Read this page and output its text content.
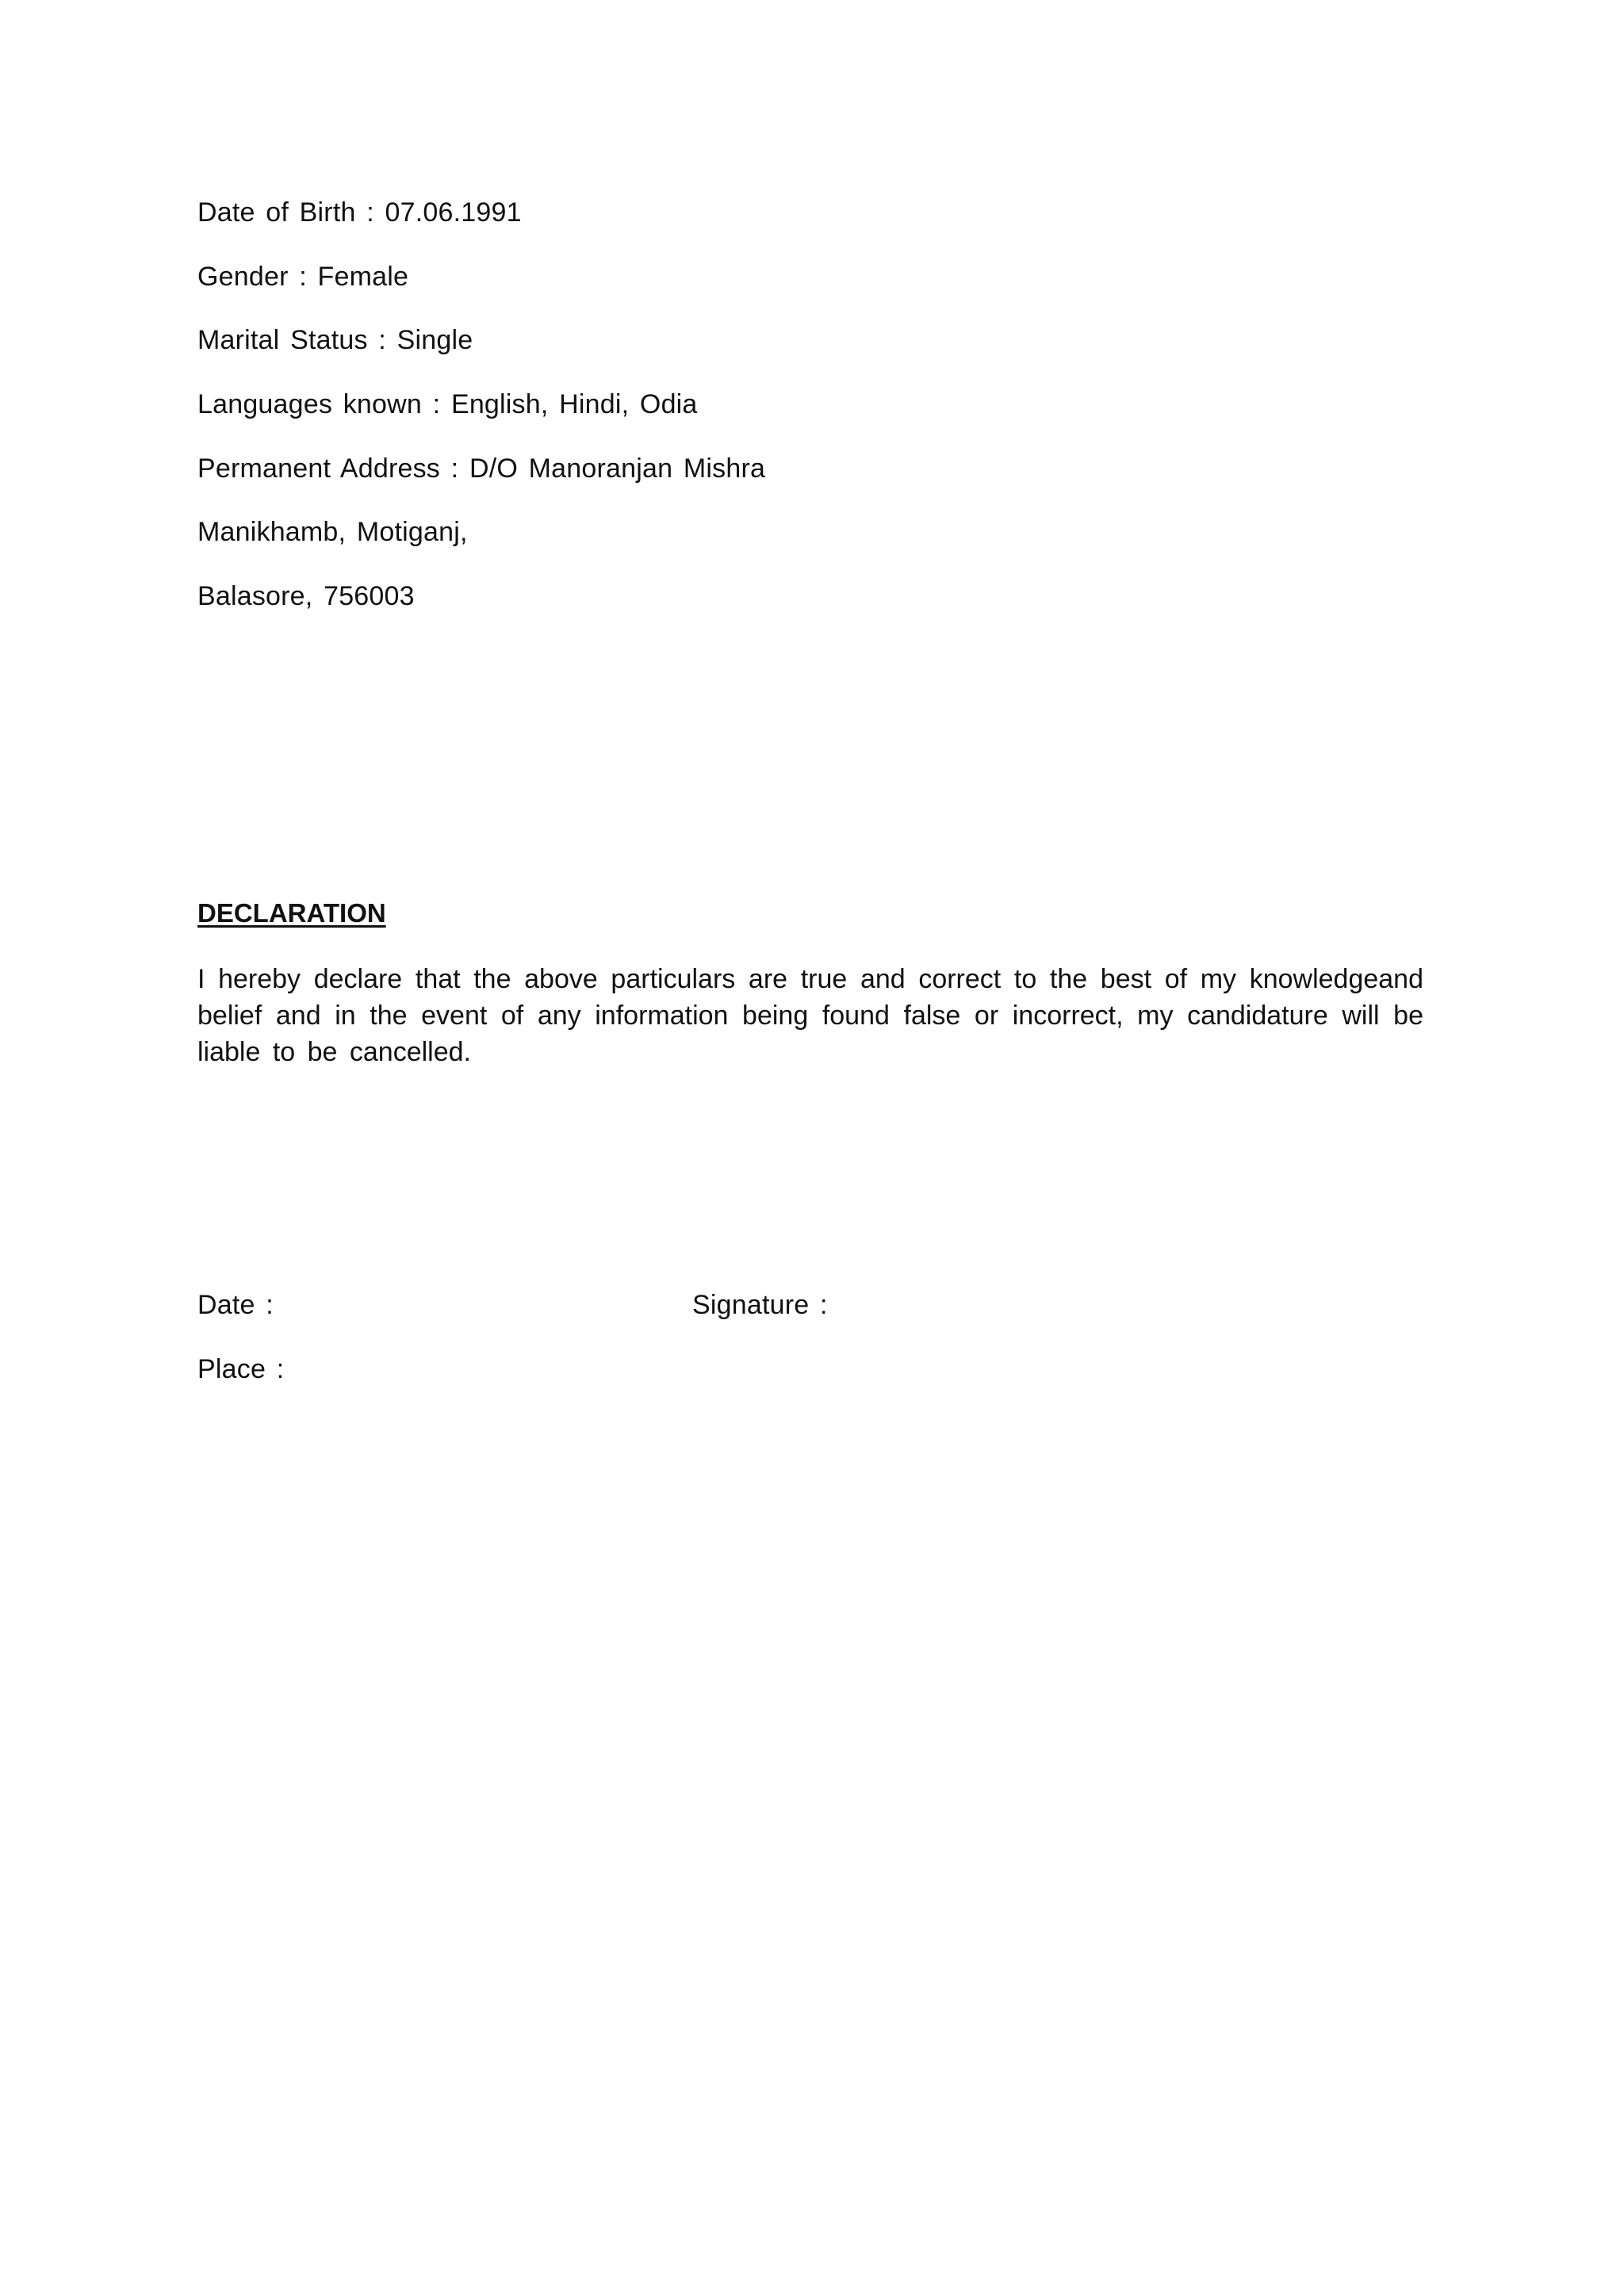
Date of Birth : 07.06.1991
Gender : Female
Marital Status : Single
Languages known : English, Hindi, Odia
Permanent Address : D/O Manoranjan Mishra
Manikhamb, Motiganj,
Balasore, 756003
DECLARATION
I hereby declare that the above particulars are true and correct to the best of my knowledgeand belief and in the event of any information being found false or incorrect, my candidature will be liable to be cancelled.
Date :	Signature :
Place :
